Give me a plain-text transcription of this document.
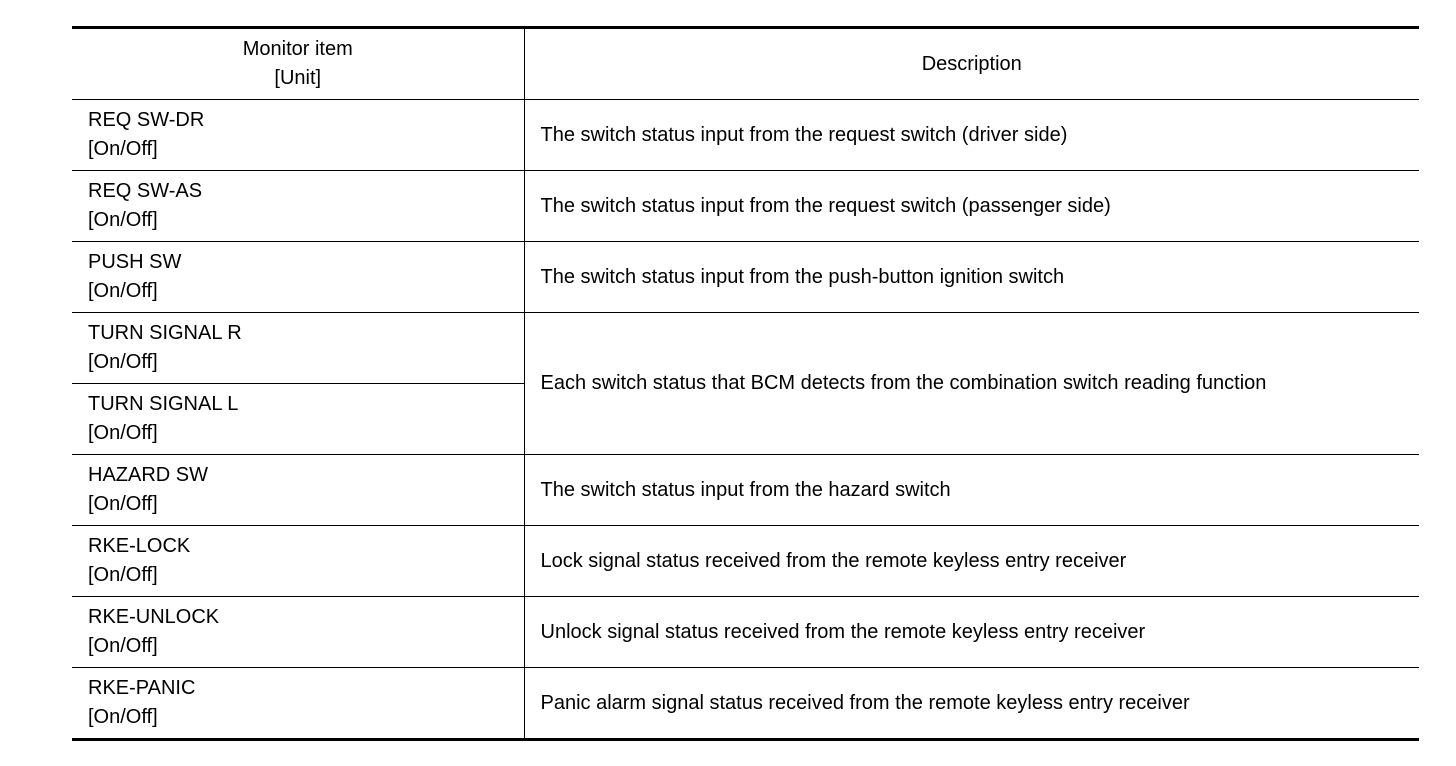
Monitor item
[Unit]	Description

REQ SW-DR
[On/Off]	The switch status input from the request switch (driver side)

REQ SW-AS
[On/Off]	The switch status input from the request switch (passenger side)

PUSH SW
[On/Off]	The switch status input from the push-button ignition switch

TURN SIGNAL R
[On/Off]	Each switch status that BCM detects from the combination switch reading function

TURN SIGNAL L
[On/Off]	

HAZARD SW
[On/Off]	The switch status input from the hazard switch

RKE-LOCK
[On/Off]	Lock signal status received from the remote keyless entry receiver

RKE-UNLOCK
[On/Off]	Unlock signal status received from the remote keyless entry receiver

RKE-PANIC
[On/Off]	Panic alarm signal status received from the remote keyless entry receiver
